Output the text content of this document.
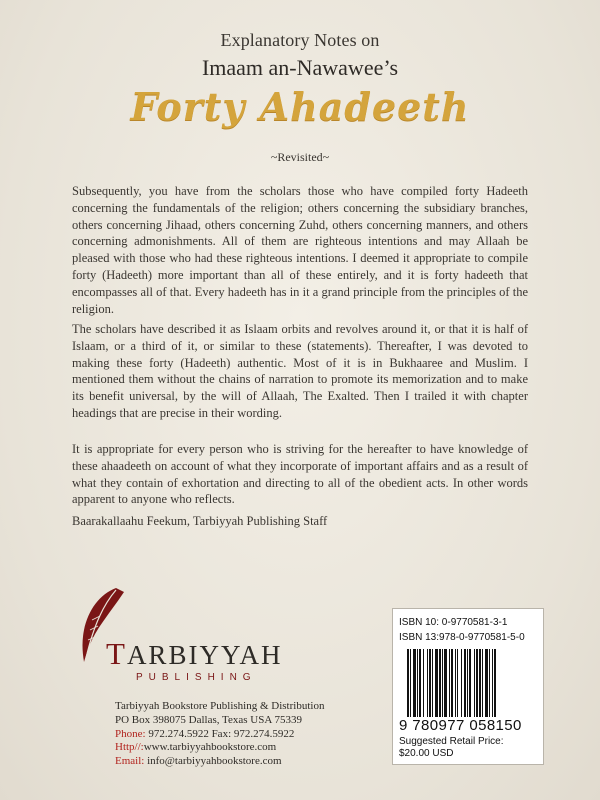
Explanatory Notes on
Imaam an-Nawawee’s
Forty Ahadeeth
~Revisited~

Subsequently, you have from the scholars those who have compiled forty Hadeeth concerning the fundamentals of the religion; others concerning the subsidiary branches, others concerning Jihaad, others concerning Zuhd, others concerning manners, and others concerning admonishments. All of them are righteous intentions and may Allaah be pleased with those who had these righteous intentions. I deemed it appropriate to compile forty (Hadeeth) more important than all of these entirely, and it is forty hadeeth that encompasses all of that. Every hadeeth has in it a grand principle from the principles of the religion.

The scholars have described it as Islaam orbits and revolves around it, or that it is half of Islaam, or a third of it, or similar to these (statements). Thereafter, I was devoted to making these forty (Hadeeth) authentic. Most of it is in Bukhaaree and Muslim. I mentioned them without the chains of narration to promote its memorization and to make its benefit universal, by the will of Allaah, The Exalted. Then I trailed it with chapter headings that are precise in their wording.

It is appropriate for every person who is striving for the hereafter to have knowledge of these ahaadeeth on account of what they incorporate of important affairs and as a result of what they contain of exhortation and directing to all of the obedient acts. In other words apparent to anyone who reflects.

Baarakallaahu Feekum, Tarbiyyah Publishing Staff

TARBIYYAH
PUBLISHING
Tarbiyyah Bookstore Publishing & Distribution
PO Box 398075 Dallas, Texas USA 75339
Phone: 972.274.5922 Fax: 972.274.5922
Http//:www.tarbiyyahbookstore.com
Email: info@tarbiyyahbookstore.com
ISBN 10: 0-9770581-3-1
ISBN 13:978-0-9770581-5-0
9 780977 058150
Suggested Retail Price:
$20.00 USD
